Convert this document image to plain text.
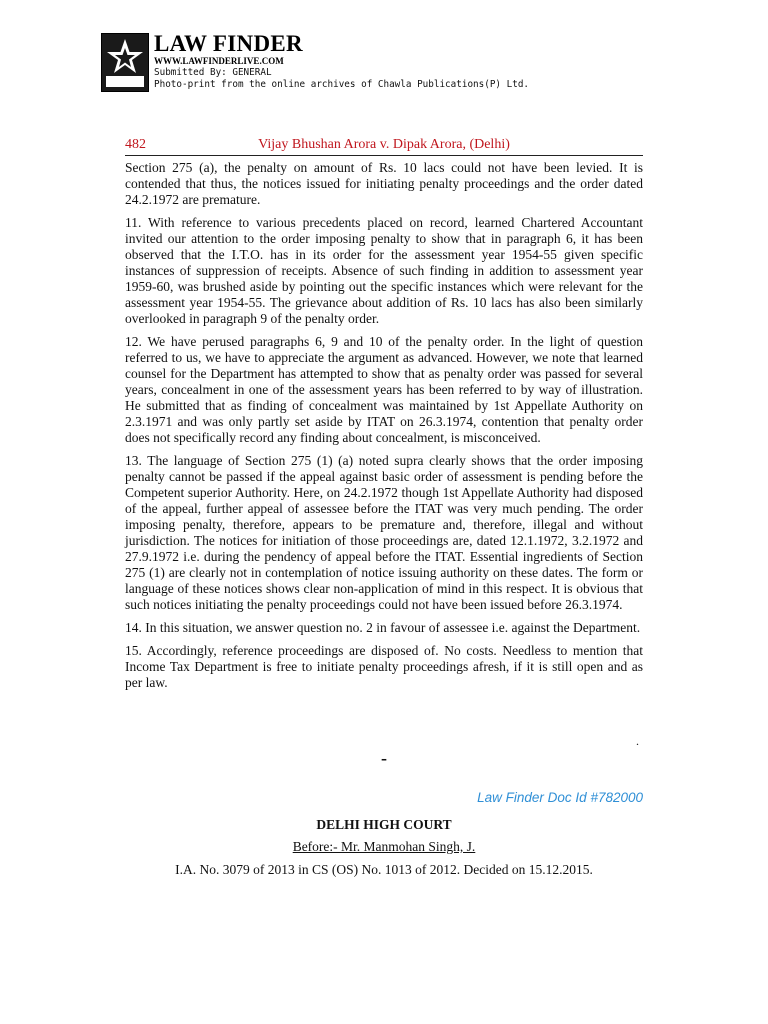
LAW FINDER
WWW.LAWFINDERLIVE.COM
Submitted By: GENERAL
Photo-print from the online archives of Chawla Publications(P) Ltd.
482	Vijay Bhushan Arora v. Dipak Arora, (Delhi)

Section 275 (a), the penalty on amount of Rs. 10 lacs could not have been levied. It is contended that thus, the notices issued for initiating penalty proceedings and the order dated 24.2.1972 are premature.

11. With reference to various precedents placed on record, learned Chartered Accountant invited our attention to the order imposing penalty to show that in paragraph 6, it has been observed that the I.T.O. has in its order for the assessment year 1954-55 given specific instances of suppression of receipts. Absence of such finding in addition to assessment year 1959-60, was brushed aside by pointing out the specific instances which were relevant for the assessment year 1954-55. The grievance about addition of Rs. 10 lacs has also been similarly overlooked in paragraph 9 of the penalty order.

12. We have perused paragraphs 6, 9 and 10 of the penalty order. In the light of question referred to us, we have to appreciate the argument as advanced. However, we note that learned counsel for the Department has attempted to show that as penalty order was passed for several years, concealment in one of the assessment years has been referred to by way of illustration. He submitted that as finding of concealment was maintained by 1st Appellate Authority on 2.3.1971 and was only partly set aside by ITAT on 26.3.1974, contention that penalty order does not specifically record any finding about concealment, is misconceived.

13. The language of Section 275 (1) (a) noted supra clearly shows that the order imposing penalty cannot be passed if the appeal against basic order of assessment is pending before the Competent superior Authority. Here, on 24.2.1972 though 1st Appellate Authority had disposed of the appeal, further appeal of assessee before the ITAT was very much pending. The order imposing penalty, therefore, appears to be premature and, therefore, illegal and without jurisdiction. The notices for initiation of those proceedings are, dated 12.1.1972, 3.2.1972 and 27.9.1972 i.e. during the pendency of appeal before the ITAT. Essential ingredients of Section 275 (1) are clearly not in contemplation of notice issuing authority on these dates. The form or language of these notices shows clear non-application of mind in this respect. It is obvious that such notices initiating the penalty proceedings could not have been issued before 26.3.1974.

14. In this situation, we answer question no. 2 in favour of assessee i.e. against the Department.

15. Accordingly, reference proceedings are disposed of. No costs. Needless to mention that Income Tax Department is free to initiate penalty proceedings afresh, if it is still open and as per law.

.
-
Law Finder Doc Id #782000
DELHI HIGH COURT
Before:- Mr. Manmohan Singh, J.
I.A. No. 3079 of 2013 in CS (OS) No. 1013 of 2012. Decided on 15.12.2015.
